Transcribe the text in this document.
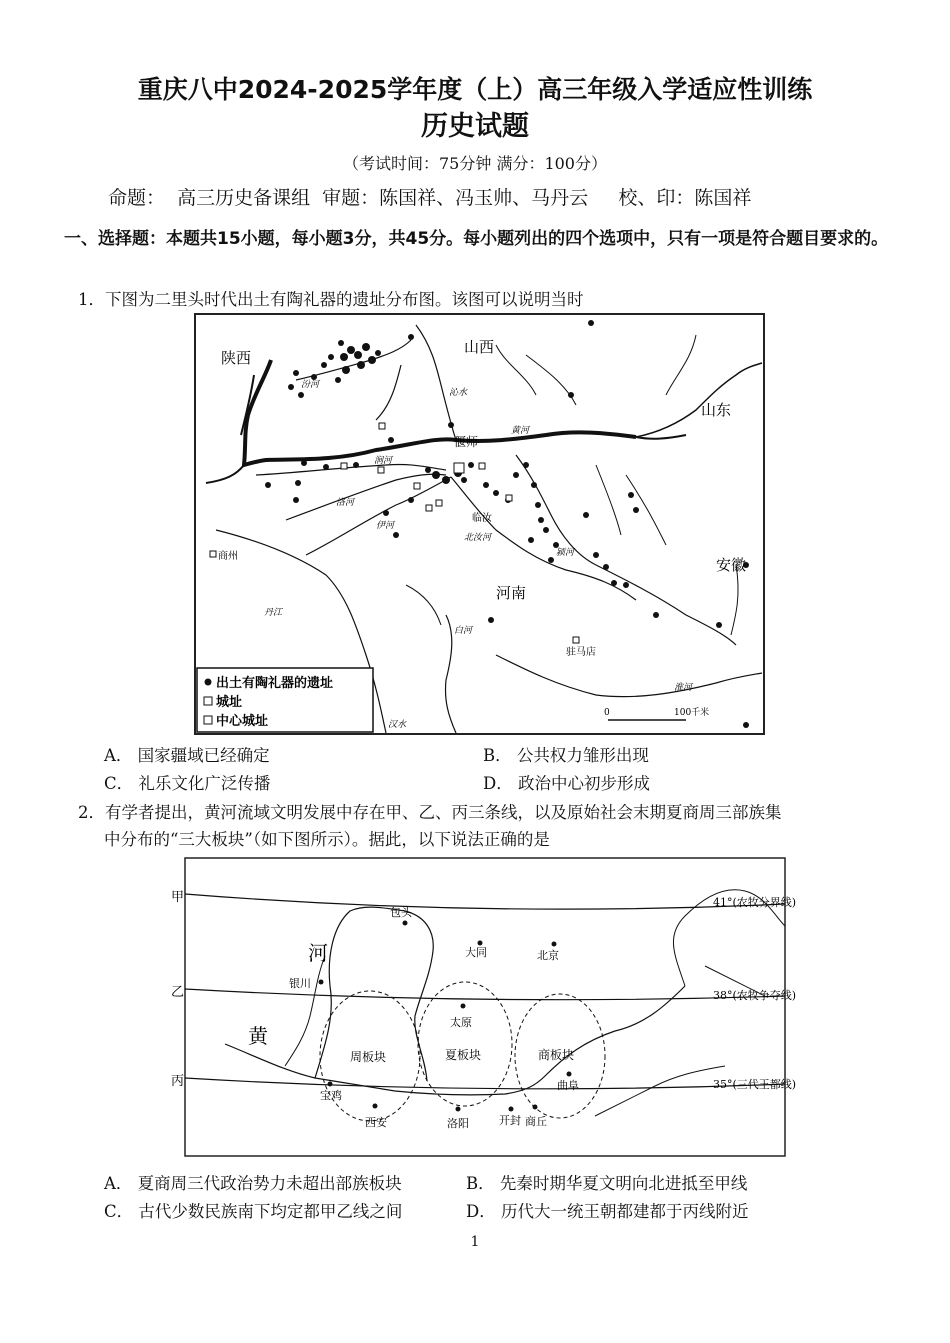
重庆八中2024-2025学年度（上）高三年级入学适应性训练
历史试题
（考试时间：75分钟 满分：100分）
命题：  高三历史备课组  审题：陈国祥、冯玉帅、马丹云     校、印：陈国祥
一、选择题：本题共15小题，每小题3分，共45分。每小题列出的四个选项中，只有一项是符合题目要求的。
1．下图为二里头时代出土有陶礼器的遗址分布图。该图可以说明当时
陕西
山西
山东
河南
安徽
偃师
临汝
商州
驻马店
汾河
沁水
黄河
涧河
洛河
伊河
北汝河
颍河
丹江
白河
淮河
汉水
0	100千米
出土有陶礼器的遗址
城址
中心城址
A． 国家疆域已经确定	B． 公共权力雏形出现
C． 礼乐文化广泛传播	D． 政治中心初步形成
2．有学者提出，黄河流域文明发展中存在甲、乙、丙三条线，以及原始社会末期夏商周三部族集
中分布的“三大板块”（如下图所示）。据此，以下说法正确的是
甲
乙
丙
41°(农牧分界线)
38°(农牧争夺线)
35°(三代王都线)
周板块	夏板块	商板块
包头
大同	北京
银川
太原
曲阜
宝鸡
西安	洛阳	开封 商丘
河
黄
A． 夏商周三代政治势力未超出部族板块	B． 先秦时期华夏文明向北进抵至甲线
C． 古代少数民族南下均定都甲乙线之间	D． 历代大一统王朝都建都于丙线附近
1
